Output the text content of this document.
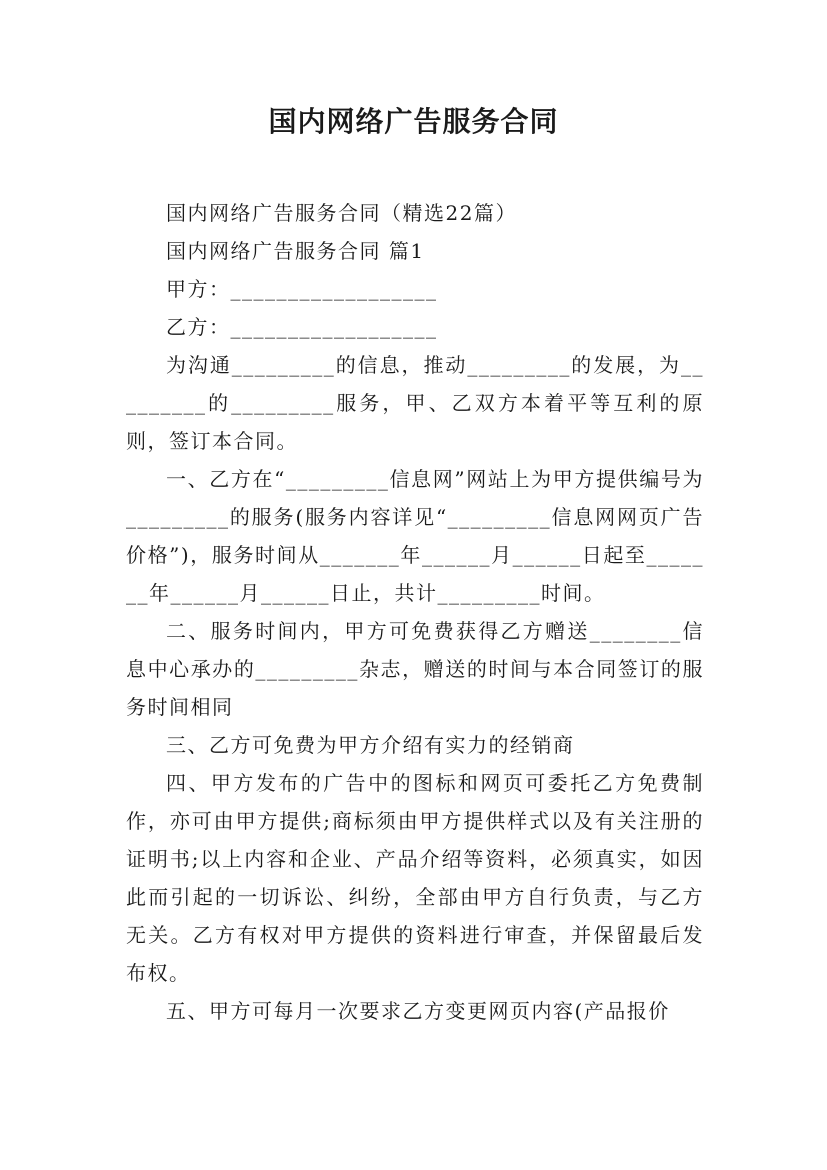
国内网络广告服务合同

国内网络广告服务合同（精选22篇）

国内网络广告服务合同 篇1

甲方：__________________

乙方：__________________

为沟通_________的信息，推动_________的发展，为_________的_________服务，甲、乙双方本着平等互利的原则，签订本合同。

一、乙方在“_________信息网”网站上为甲方提供编号为_________的服务(服务内容详见“_________信息网网页广告价格”)，服务时间从_______年______月______日起至_______年______月______日止，共计_________时间。

二、服务时间内，甲方可免费获得乙方赠送________信息中心承办的_________杂志，赠送的时间与本合同签订的服务时间相同

三、乙方可免费为甲方介绍有实力的经销商

四、甲方发布的广告中的图标和网页可委托乙方免费制作，亦可由甲方提供;商标须由甲方提供样式以及有关注册的证明书;以上内容和企业、产品介绍等资料，必须真实，如因此而引起的一切诉讼、纠纷，全部由甲方自行负责，与乙方无关。乙方有权对甲方提供的资料进行审查，并保留最后发布权。

五、甲方可每月一次要求乙方变更网页内容(产品报价
